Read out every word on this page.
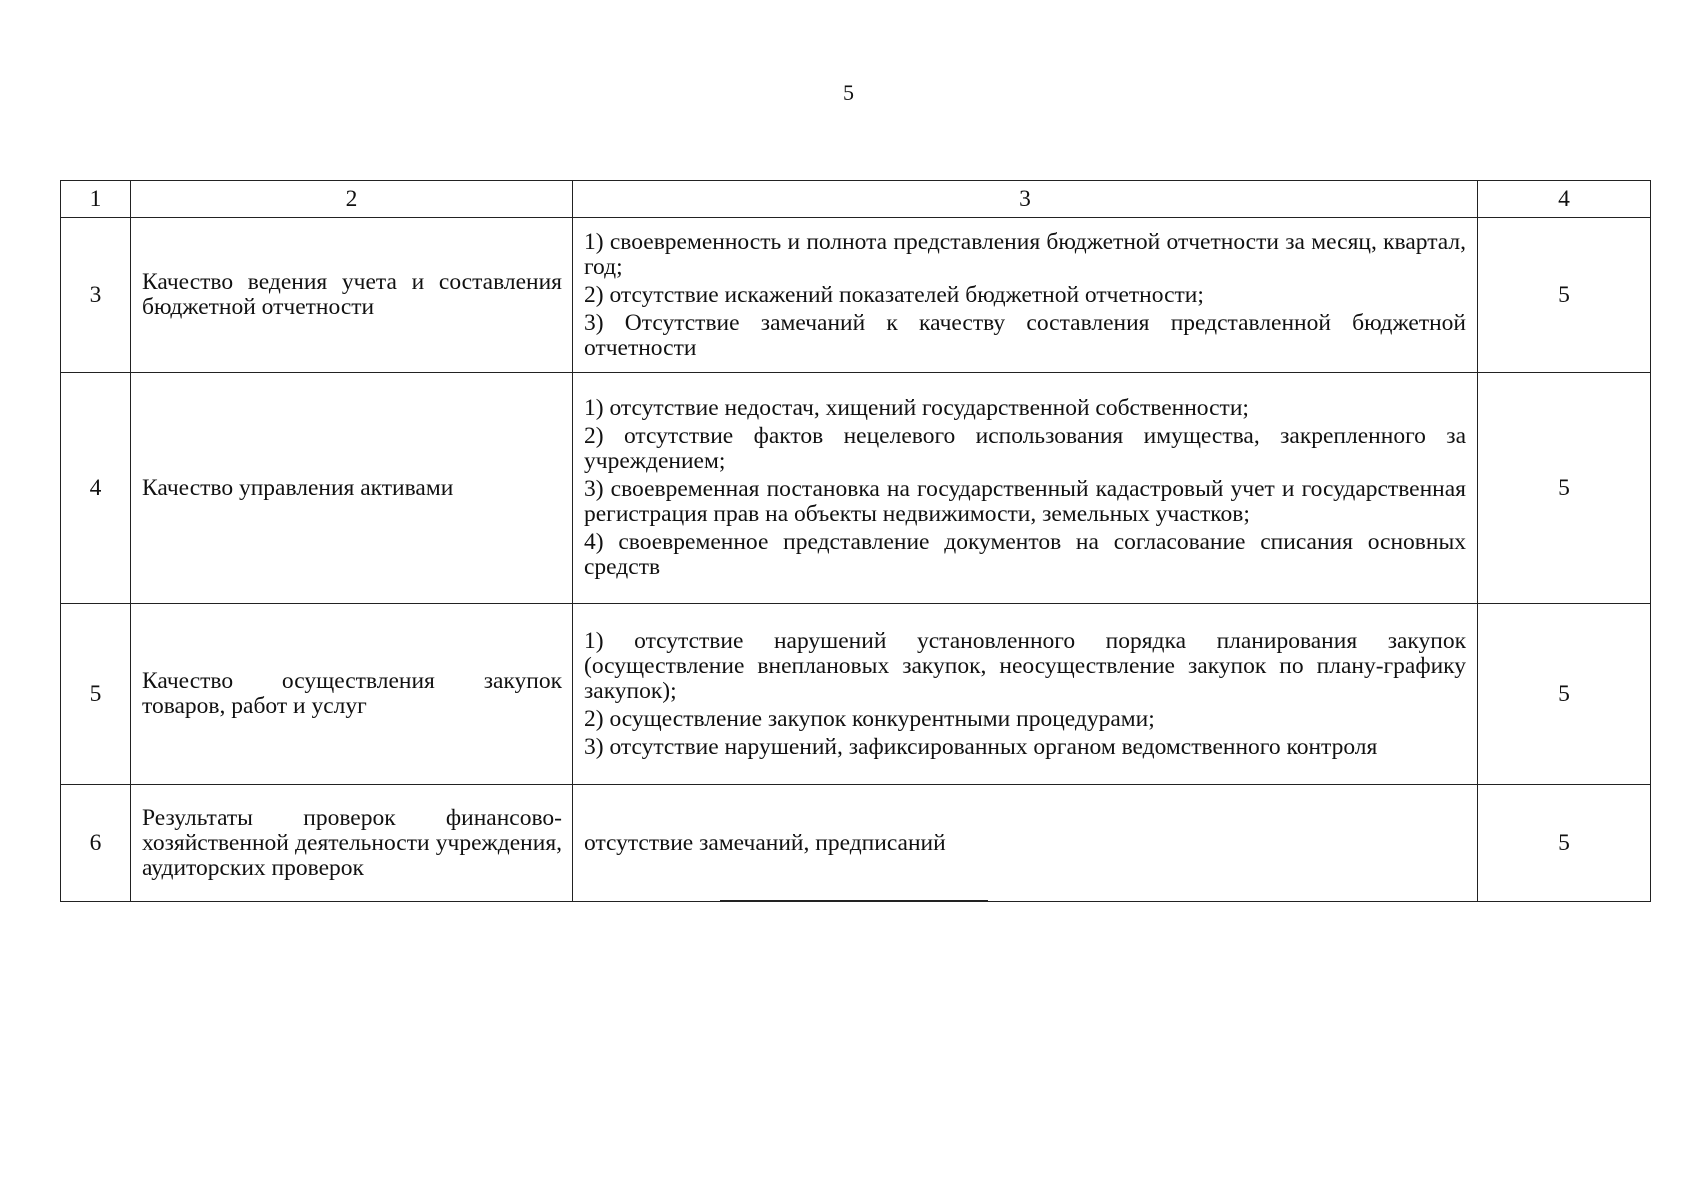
5
1	2	3	4
3	Качество ведения учета и составления бюджетной отчетности	1) своевременность и полнота представления бюджетной отчетности за месяц, квартал, год;
2) отсутствие искажений показателей бюджетной отчетности;
3) Отсутствие замечаний к качеству составления представленной бюджетной отчетности	5
4	Качество управления активами	1) отсутствие недостач, хищений государственной собственности;
2) отсутствие фактов нецелевого использования имущества, закрепленного за учреждением;
3) своевременная постановка на государственный кадастровый учет и государственная регистрация прав на объекты недвижимости, земельных участков;
4) своевременное представление документов на согласование списания основных средств	5
5	Качество осуществления закупок товаров, работ и услуг	1) отсутствие нарушений установленного порядка планирования закупок (осуществление внеплановых закупок, неосуществление закупок по плану-графику закупок);
2) осуществление закупок конкурентными процедурами;
3) отсутствие нарушений, зафиксированных органом ведомственного контроля	5
6	Результаты проверок финансово-хозяйственной деятельности учреждения, аудиторских проверок	отсутствие замечаний, предписаний	5
